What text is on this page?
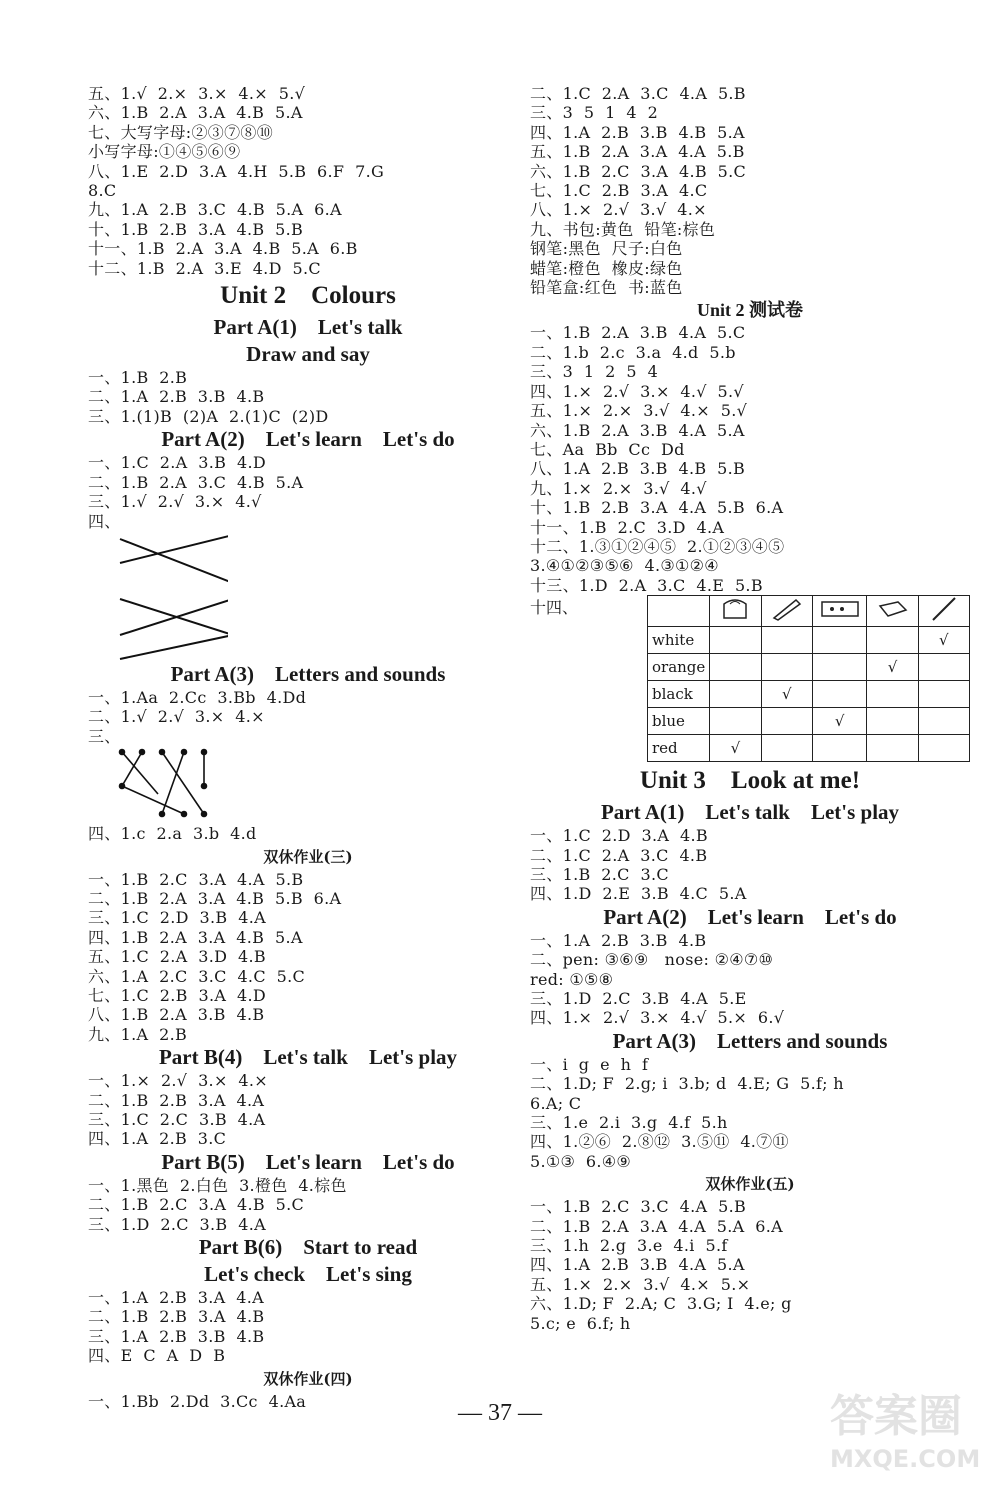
五、1.√  2.×  3.×  4.×  5.√
六、1.B  2.A  3.A  4.B  5.A
七、大写字母:②③⑦⑧⑩
小写字母:①④⑤⑥⑨
八、1.E  2.D  3.A  4.H  5.B  6.F  7.G
8.C
九、1.A  2.B  3.C  4.B  5.A  6.A
十、1.B  2.B  3.A  4.B  5.B
十一、1.B  2.A  3.A  4.B  5.A  6.B
十二、1.B  2.A  3.E  4.D  5.C
Unit 2    Colours
Part A(1)    Let's talk
Draw and say
一、1.B  2.B
二、1.A  2.B  3.B  4.B
三、1.(1)B  (2)A  2.(1)C  (2)D
Part A(2)    Let's learn    Let's do
一、1.C  2.A  3.B  4.D
二、1.B  2.A  3.C  4.B  5.A
三、1.√  2.√  3.×  4.√
四、
Part A(3)    Letters and sounds
一、1.Aa  2.Cc  3.Bb  4.Dd
二、1.√  2.√  3.×  4.×
三、
四、1.c  2.a  3.b  4.d
双休作业(三)
一、1.B  2.C  3.A  4.A  5.B
二、1.B  2.A  3.A  4.B  5.B  6.A
三、1.C  2.D  3.B  4.A
四、1.B  2.A  3.A  4.B  5.A
五、1.C  2.A  3.D  4.B
六、1.A  2.C  3.C  4.C  5.C
七、1.C  2.B  3.A  4.D
八、1.B  2.A  3.B  4.B
九、1.A  2.B
Part B(4)    Let's talk    Let's play
一、1.×  2.√  3.×  4.×
二、1.B  2.B  3.A  4.A
三、1.C  2.C  3.B  4.A
四、1.A  2.B  3.C
Part B(5)    Let's learn    Let's do
一、1.黑色  2.白色  3.橙色  4.棕色
二、1.B  2.C  3.A  4.B  5.C
三、1.D  2.C  3.B  4.A
Part B(6)    Start to read
Let's check    Let's sing
一、1.A  2.B  3.A  4.A
二、1.B  2.B  3.A  4.B
三、1.A  2.B  3.B  4.B
四、E  C  A  D  B
双休作业(四)
一、1.Bb  2.Dd  3.Cc  4.Aa
二、1.C  2.A  3.C  4.A  5.B
三、3  5  1  4  2
四、1.A  2.B  3.B  4.B  5.A
五、1.B  2.A  3.A  4.A  5.B
六、1.B  2.C  3.A  4.B  5.C
七、1.C  2.B  3.A  4.C
八、1.×  2.√  3.√  4.×
九、书包:黄色  铅笔:棕色
钢笔:黑色  尺子:白色
蜡笔:橙色  橡皮:绿色
铅笔盒:红色  书:蓝色
Unit 2 测试卷
一、1.B  2.A  3.B  4.A  5.C
二、1.b  2.c  3.a  4.d  5.b
三、3  1  2  5  4
四、1.×  2.√  3.×  4.√  5.√
五、1.×  2.×  3.√  4.×  5.√
六、1.B  2.A  3.B  4.A  5.A
七、Aa  Bb  Cc  Dd
八、1.A  2.B  3.B  4.B  5.B
九、1.×  2.×  3.√  4.√
十、1.B  2.B  3.A  4.A  5.B  6.A
十一、1.B  2.C  3.D  4.A
十二、1.③①②④⑤  2.①②③④⑤
3.④①②③⑤⑥  4.③①②④
十三、1.D  2.A  3.C  4.E  5.B
十四、

white					√
orange				√	
black		√			
blue			√		
red	√				
Unit 3    Look at me!
Part A(1)    Let's talk    Let's play
一、1.C  2.D  3.A  4.B
二、1.C  2.A  3.C  4.B
三、1.B  2.C  3.C
四、1.D  2.E  3.B  4.C  5.A
Part A(2)    Let's learn    Let's do
一、1.A  2.B  3.B  4.B
二、pen: ③⑥⑨   nose: ②④⑦⑩
red: ①⑤⑧
三、1.D  2.C  3.B  4.A  5.E
四、1.×  2.√  3.×  4.√  5.×  6.√
Part A(3)    Letters and sounds
一、i  g  e  h  f
二、1.D; F  2.g; i  3.b; d  4.E; G  5.f; h
6.A; C
三、1.e  2.i  3.g  4.f  5.h
四、1.②⑥  2.⑧⑫  3.⑤⑪  4.⑦⑪
5.①③  6.④⑨
双休作业(五)
一、1.B  2.C  3.C  4.A  5.B
二、1.B  2.A  3.A  4.A  5.A  6.A
三、1.h  2.g  3.e  4.i  5.f
四、1.A  2.B  3.B  4.A  5.A
五、1.×  2.×  3.√  4.×  5.×
六、1.D; F  2.A; C  3.G; I  4.e; g
5.c; e  6.f; h
— 37 —	答案圈
MXQE.COM
